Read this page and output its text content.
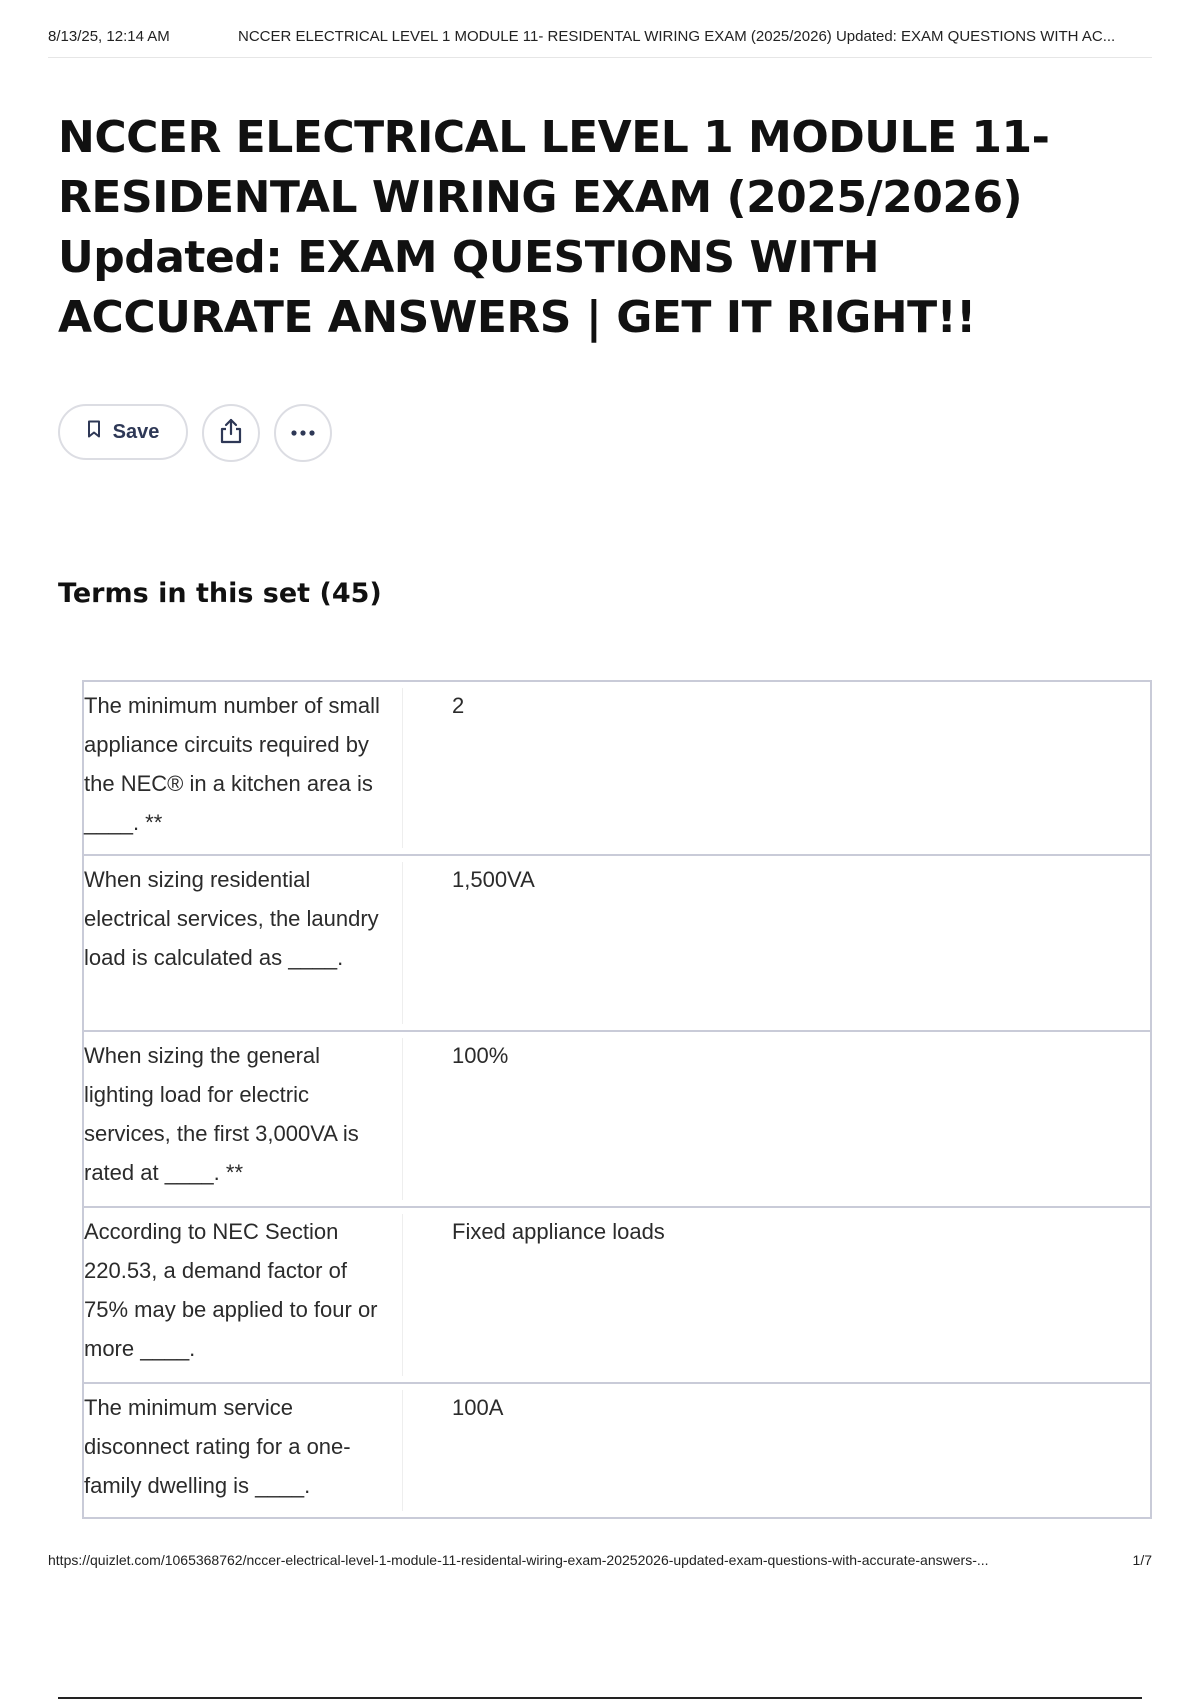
8/13/25, 12:14 AM	NCCER ELECTRICAL LEVEL 1 MODULE 11- RESIDENTAL WIRING EXAM (2025/2026) Updated: EXAM QUESTIONS WITH AC...
NCCER ELECTRICAL LEVEL 1 MODULE 11- RESIDENTAL WIRING EXAM (2025/2026) Updated: EXAM QUESTIONS WITH ACCURATE ANSWERS | GET IT RIGHT!!
Save
Terms in this set (45)
The minimum number of small appliance circuits required by the NEC® in a kitchen area is ____. **
2
When sizing residential electrical services, the laundry load is calculated as ____.
1,500VA
When sizing the general lighting load for electric services, the first 3,000VA is rated at ____. **
100%
According to NEC Section 220.53, a demand factor of 75% may be applied to four or more ____.
Fixed appliance loads
The minimum service disconnect rating for a one-family dwelling is ____.
100A
https://quizlet.com/1065368762/nccer-electrical-level-1-module-11-residental-wiring-exam-20252026-updated-exam-questions-with-accurate-answers-...	1/7
